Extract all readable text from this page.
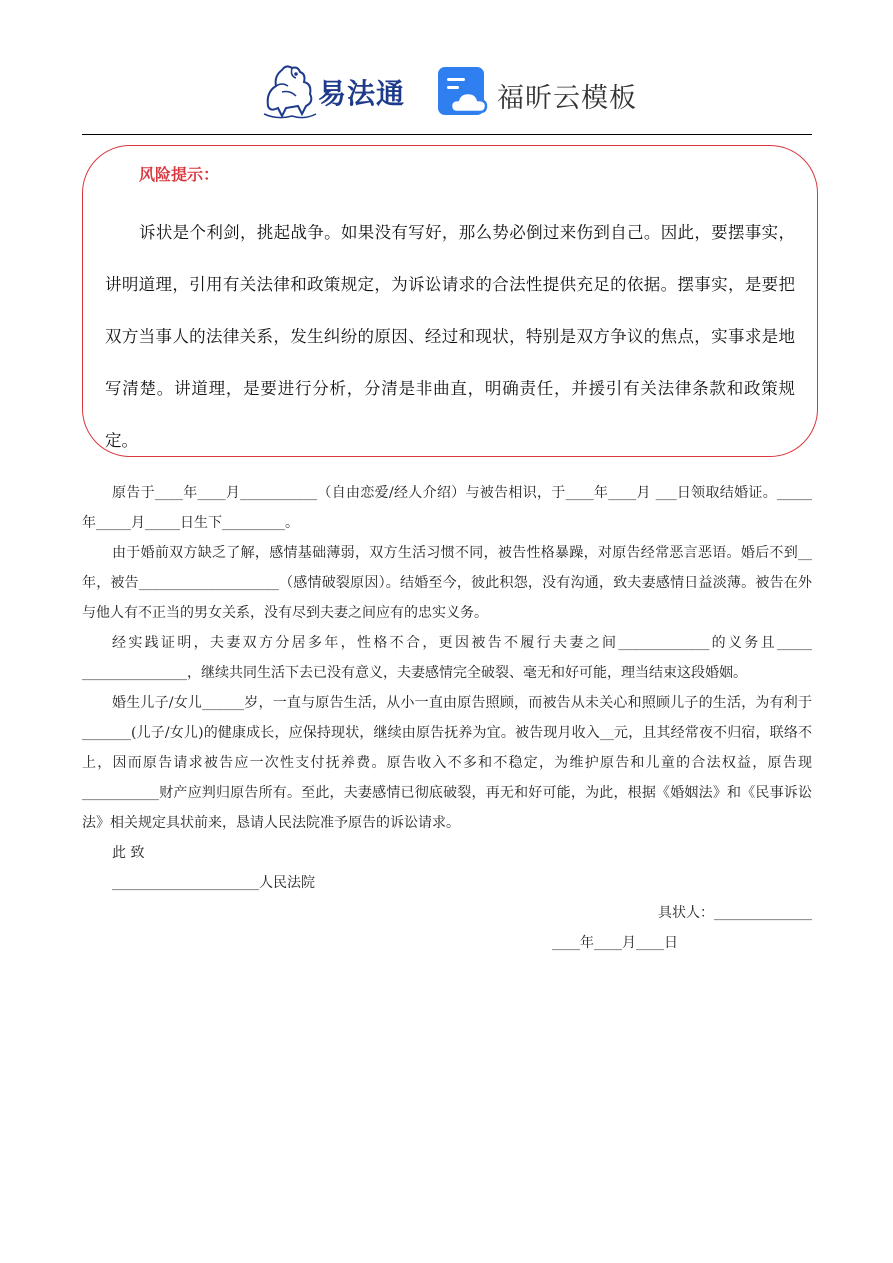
易法通	福昕云模板
风险提示：

诉状是个利剑，挑起战争。如果没有写好，那么势必倒过来伤到自己。因此，要摆事实，讲明道理，引用有关法律和政策规定，为诉讼请求的合法性提供充足的依据。摆事实，是要把双方当事人的法律关系，发生纠纷的原因、经过和现状，特别是双方争议的焦点，实事求是地写清楚。讲道理，是要进行分析，分清是非曲直，明确责任，并援引有关法律条款和政策规定。

原告于____年____月___________（自由恋爱/经人介绍）与被告相识，于____年____月 ___日领取结婚证。_____年_____月_____日生下_________。

由于婚前双方缺乏了解，感情基础薄弱，双方生活习惯不同，被告性格暴躁，对原告经常恶言恶语。婚后不到__年，被告____________________（感情破裂原因）。结婚至今，彼此积怨，没有沟通，致夫妻感情日益淡薄。被告在外与他人有不正当的男女关系，没有尽到夫妻之间应有的忠实义务。

经实践证明，夫妻双方分居多年，性格不合，更因被告不履行夫妻之间_____________的义务且_____ _______________，继续共同生活下去已没有意义，夫妻感情完全破裂、毫无和好可能，理当结束这段婚姻。

婚生儿子/女儿______岁，一直与原告生活，从小一直由原告照顾，而被告从未关心和照顾儿子的生活，为有利于_______(儿子/女儿)的健康成长，应保持现状，继续由原告抚养为宜。被告现月收入__元，且其经常夜不归宿，联络不上，因而原告请求被告应一次性支付抚养费。原告收入不多和不稳定，为维护原告和儿童的合法权益，原告现___________财产应判归原告所有。至此，夫妻感情已彻底破裂，再无和好可能，为此，根据《婚姻法》和《民事诉讼法》相关规定具状前来，恳请人民法院准予原告的诉讼请求。

此 致
_____________________人民法院
具状人：______________
____年____月____日
